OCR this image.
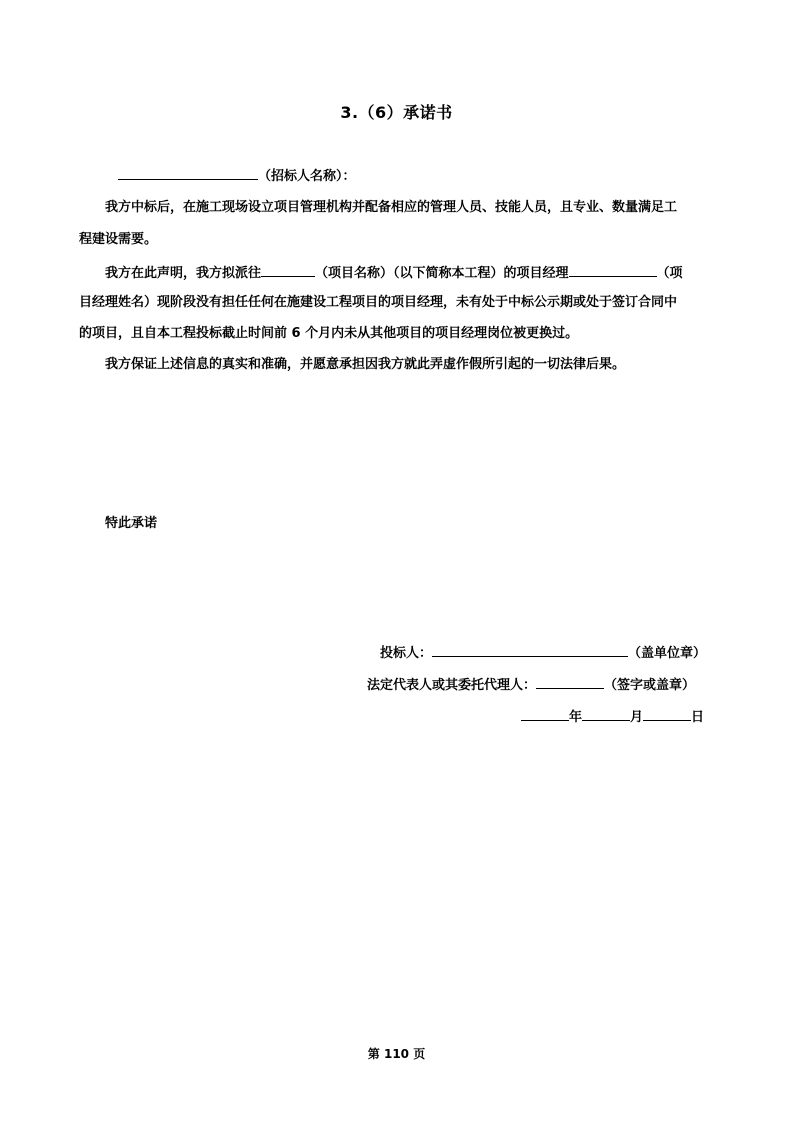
3.（6）承诺书
（招标人名称）：
我方中标后，在施工现场设立项目管理机构并配备相应的管理人员、技能人员，且专业、数量满足工
程建设需要。
我方在此声明，我方拟派往	（项目名称）（以下简称本工程）的项目经理	（项
目经理姓名）现阶段没有担任任何在施建设工程项目的项目经理，未有处于中标公示期或处于签订合同中
的项目，且自本工程投标截止时间前 6 个月内未从其他项目的项目经理岗位被更换过。
我方保证上述信息的真实和准确，并愿意承担因我方就此弄虚作假所引起的一切法律后果。
特此承诺
投标人：	（盖单位章）
法定代表人或其委托代理人：	（签字或盖章）
年	月	日
第 110 页
